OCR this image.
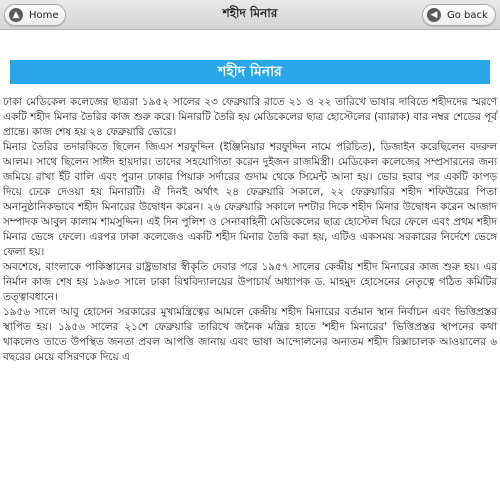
▲ Home	শহীদ মিনার	◀ Go back
শহীদ মিনার

ঢাকা মেডিকেল কলেজের ছাত্ররা ১৯৫২ সালের ২৩ ফেব্রুয়ারি রাতে ২১ ও ২২ তারিখে ভাষার দাবিতে শহীদদের স্মরণে একটি শহীদ মিনার তৈরির কাজ শুরু করে। মিনারটি তৈরি হয় মেডিকেলের ছাত্র হোস্টেলের (ব্যারাক) বার নম্বর শেডের পূর্ব প্রান্তে। কাজ শেষ হয় ২৪ ফেব্রুয়ারি ভোরে।

মিনার তৈরির তদারকিতে ছিলেন জিএস শরফুদ্দিন (ইঞ্জিনিয়ার শরফুদ্দিন নামে পরিচিত), ডিজাইন করেছিলেন বদরুল আলম। সাথে ছিলেন সাঈদ হায়দার। তাদের সহযোগিতা করেন দুইজন রাজমিস্ত্রী। মেডিকেল কলেজের সম্প্রসারনের জন্য জমিয়ে রাখা ইঁট বালি এবং পুরান ঢাকার পিয়ারু সর্দারের গুদাম থেকে সিমেন্ট আনা হয়। ভোর হবার পর একটি কাপড় দিয়ে ঢেকে দেওয়া হয় মিনারটি। ঐ দিনই অর্থাৎ ২৪ ফেব্রুয়ারি সকালে, ২২ ফেব্রুয়ারির শহীদ শফিউরের পিতা অনানুষ্ঠানিকভাবে শহীদ মিনারের উদ্বোধন করেন। ২৬ ফেব্রুয়ারি সকালে দশটার দিকে শহীদ মিনার উদ্বোধন করেন আজাদ সম্পাদক আবুল কালাম শামসুদ্দিন। এই দিন পুলিশ ও সেনাবাহিনী মেডিকেলের ছাত্র হোস্টেল ঘিরে ফেলে এবং প্রথম শহীদ মিনার ভেঙ্গে ফেলে। এরপর ঢাকা কলেজেও একটি শহীদ মিনার তৈরি করা হয়, এটিও একসময় সরকারের নির্দেশে ভেঙ্গে ফেলা হয়।

অবশেষে, বাংলাকে পাকিস্তানের রাষ্ট্রভাষার স্বীকৃতি দেবার পরে ১৯৫৭ সালের কেন্দ্রীয় শহীদ মিনারের কাজ শুরু হয়। এর নির্মান কাজ শেষ হয় ১৯৬৩ সালে ঢাকা বিশ্ববিদ্যালয়ের উপাচার্য অধ্যাপক ড. মাহমুদ হোসেনের নেতৃত্বে গঠিত কমিটির তত্ত্বাবধানে।

১৯৫৬ সালে আবু হোসেন সরকারের মুখ্যমন্ত্রিত্বের আমলে কেন্দ্রীয় শহীদ মিনারের বর্তমান স্থান নির্বাচন এবং ভিত্তিপ্রস্তর স্থাপিত হয়। ১৯৫৬ সালের ২১শে ফেব্রুয়ারি তারিখে জনৈক মন্ত্রির হাতে 'শহীদ মিনারের' ভিত্তিপ্রস্তর স্থাপনের কথা থাকলেও তাতে উপস্থিত জনতা প্রবল আপত্তি জানায় এবং ভাষা আন্দোলনের অন্যতম শহীদ রিক্সাচালক আওয়ালের ৬ বছরের মেয়ে বসিরণকে দিয়ে এ
